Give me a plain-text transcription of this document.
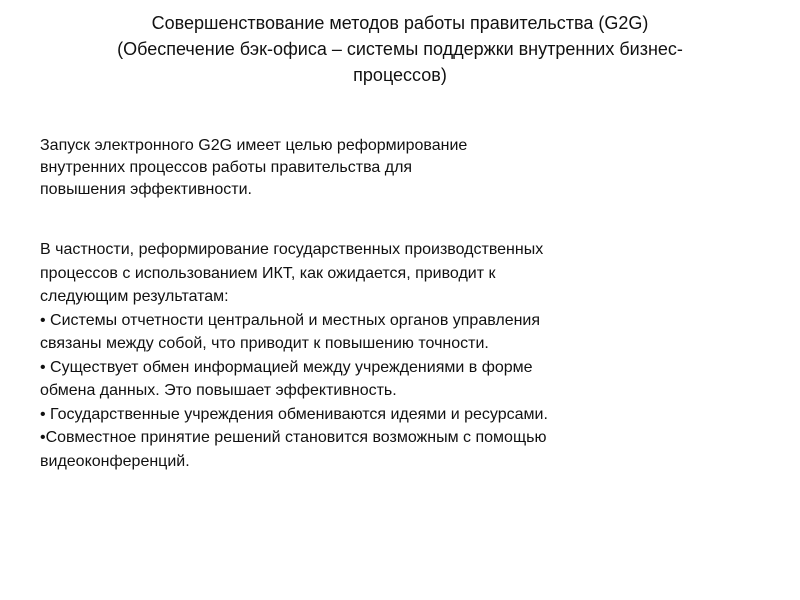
Совершенствование методов работы правительства (G2G)
(Обеспечение бэк-офиса – системы поддержки внутренних бизнес-
процессов)
Запуск электронного G2G имеет целью реформирование
внутренних процессов работы правительства для
повышения эффективности.
В частности, реформирование государственных производственных
процессов с использованием ИКТ, как ожидается, приводит к
следующим результатам:
• Системы отчетности центральной и местных органов управления
связаны между собой, что приводит к повышению точности.
• Существует обмен информацией между учреждениями в форме
обмена данных. Это повышает эффективность.
• Государственные учреждения обмениваются идеями и ресурсами.
•Совместное принятие решений становится возможным с помощью
видеоконференций.
